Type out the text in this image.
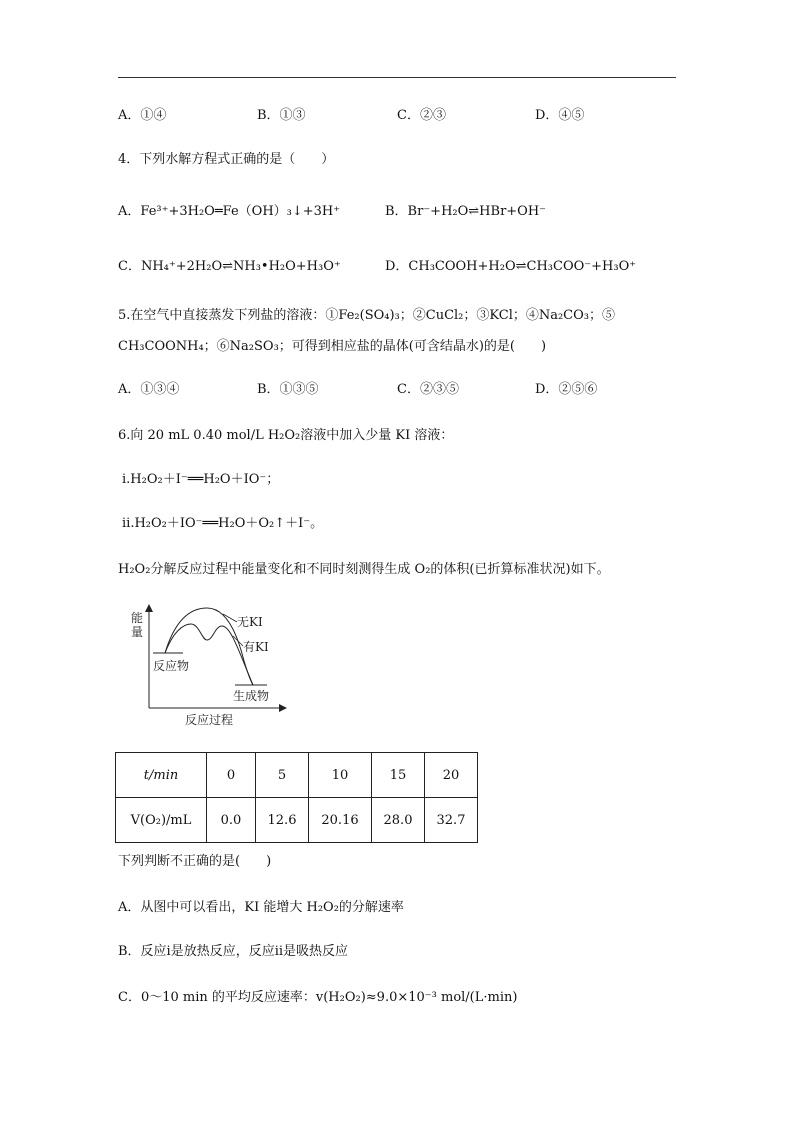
A．①④	B．①③	C．②③	D．④⑤
4．下列水解方程式正确的是（　　）
A．Fe³⁺+3H₂O═Fe（OH）₃↓+3H⁺	B．Br⁻+H₂O⇌HBr+OH⁻
C．NH₄⁺+2H₂O⇌NH₃•H₂O+H₃O⁺	D．CH₃COOH+H₂O⇌CH₃COO⁻+H₃O⁺
5.在空气中直接蒸发下列盐的溶液：①Fe₂(SO₄)₃；②CuCl₂；③KCl；④Na₂CO₃；⑤
CH₃COONH₄；⑥Na₂SO₃；可得到相应盐的晶体(可含结晶水)的是(　　)
A．①③④	B．①③⑤	C．②③⑤	D．②⑤⑥
6.向 20 mL 0.40 mol/L H₂O₂溶液中加入少量 KI 溶液：
ⅰ.H₂O₂＋I⁻══H₂O＋IO⁻；
ⅱ.H₂O₂＋IO⁻══H₂O＋O₂↑＋I⁻。
H₂O₂分解反应过程中能量变化和不同时刻测得生成 O₂的体积(已折算标准状况)如下。
能
量
反应过程
无KI
有KI
反应物
生成物
t/min	0	5	10	15	20
V(O₂)/mL	0.0	12.6	20.16	28.0	32.7
下列判断不正确的是(　　)
A．从图中可以看出，KI 能增大 H₂O₂的分解速率
B．反应ⅰ是放热反应，反应ⅱ是吸热反应
C．0～10 min 的平均反应速率：v(H₂O₂)≈9.0×10⁻³ mol/(L·min)
